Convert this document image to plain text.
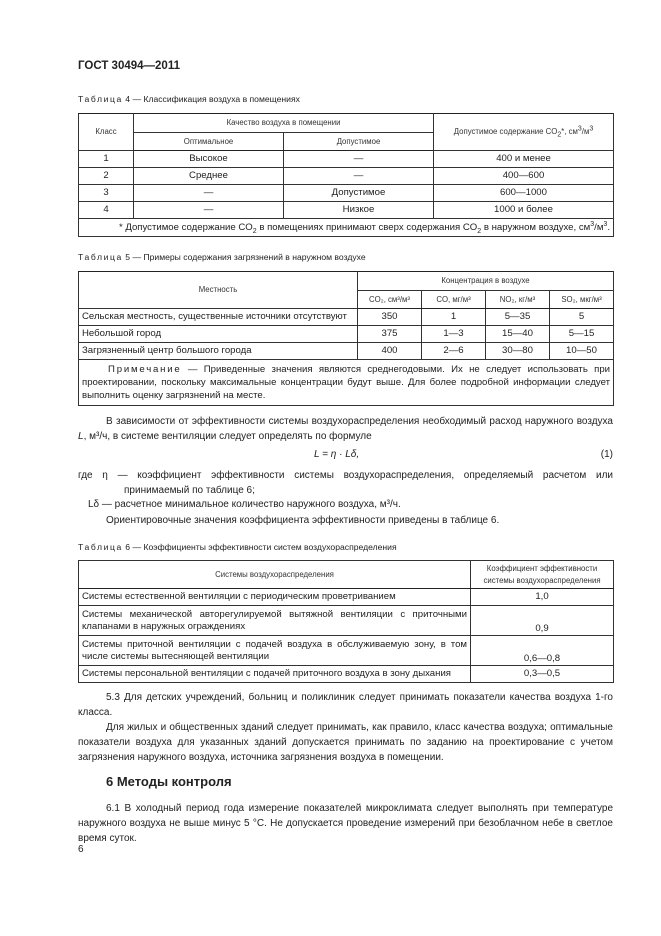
ГОСТ 30494—2011
Таблица 4 — Классификация воздуха в помещениях
Класс	Качество воздуха в помещении		Допустимое содержание $CO_2*$, $см^3/м^3$
	Оптимальное	Допустимое	
1	Высокое	—	400 и менее
2	Среднее	—	400—600
3	—	Допустимое	600—1000
4	—	Низкое	1000 и более
* Допустимое содержание $CO_2$ в помещениях принимают сверх содержания $CO_2$ в наружном воздухе, $см^3/м^3$.			
Таблица 5 — Примеры содержания загрязнений в наружном воздухе
Местность	Концентрация в воздухе			
	CO₂, см³/м³	CO, мг/м³	NO₂, кг/м³	SO₂, мкг/м³
Сельская местность, существенные источники отсутствуют	350	1	5—35	5
Небольшой город	375	1—3	15—40	5—15
Загрязненный центр большого города	400	2—6	30—80	10—50
Примечание — Приведенные значения являются среднегодовыми. Их не следует использовать при проектировании, поскольку максимальные концентрации будут выше. Для более подробной информации следует выполнить оценку загрязнений на месте.				
В зависимости от эффективности системы воздухораспределения необходимый расход наружного воздуха L, м³/ч, в системе вентиляции следует определять по формуле
L = η · Lδ,	(1)
где η — коэффициент эффективности системы воздухораспределения, определяемый расчетом или принимаемый по таблице 6;
Lδ — расчетное минимальное количество наружного воздуха, м³/ч.
Ориентировочные значения коэффициента эффективности приведены в таблице 6.
Таблица 6 — Коэффициенты эффективности систем воздухораспределения
Системы воздухораспределения	Коэффициент эффективности системы воздухораспределения
Системы естественной вентиляции с периодическим проветриванием	1,0
Системы механической авторегулируемой вытяжной вентиляции с приточными клапанами в наружных ограждениях	0,9
Системы приточной вентиляции с подачей воздуха в обслуживаемую зону, в том числе системы вытесняющей вентиляции	0,6—0,8
Системы персональной вентиляции с подачей приточного воздуха в зону дыхания	0,3—0,5
5.3 Для детских учреждений, больниц и поликлиник следует принимать показатели качества воздуха 1-го класса.
Для жилых и общественных зданий следует принимать, как правило, класс качества воздуха; оптимальные показатели воздуха для указанных зданий допускается принимать по заданию на проектирование с учетом загрязнения наружного воздуха, источника загрязнения воздуха в помещении.
6 Методы контроля
6.1 В холодный период года измерение показателей микроклимата следует выполнять при температуре наружного воздуха не выше минус 5 °С. Не допускается проведение измерений при безоблачном небе в светлое время суток.
6
